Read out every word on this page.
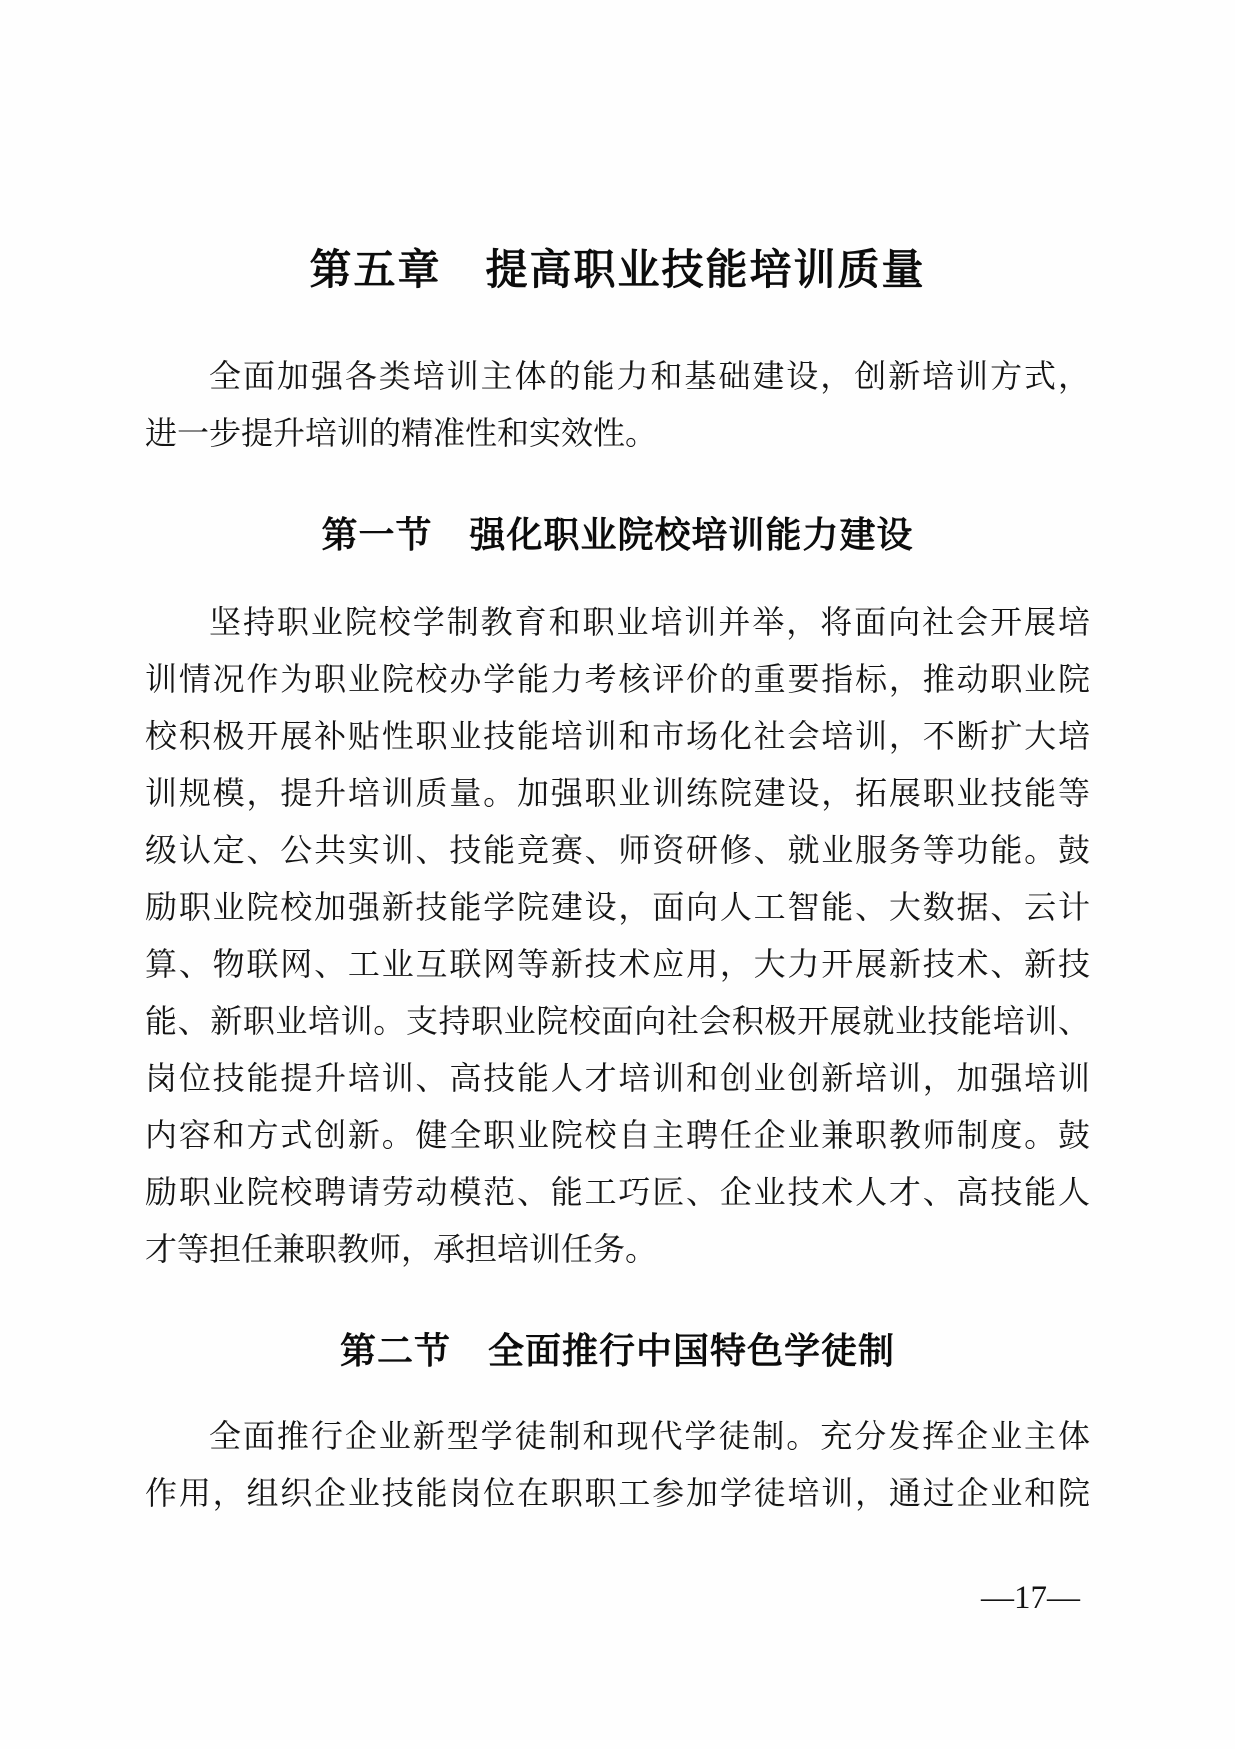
第五章　提高职业技能培训质量
全面加强各类培训主体的能力和基础建设，创新培训方式，
进一步提升培训的精准性和实效性。
第一节　强化职业院校培训能力建设
坚持职业院校学制教育和职业培训并举，将面向社会开展培
训情况作为职业院校办学能力考核评价的重要指标，推动职业院
校积极开展补贴性职业技能培训和市场化社会培训，不断扩大培
训规模，提升培训质量。加强职业训练院建设，拓展职业技能等
级认定、公共实训、技能竞赛、师资研修、就业服务等功能。鼓
励职业院校加强新技能学院建设，面向人工智能、大数据、云计
算、物联网、工业互联网等新技术应用，大力开展新技术、新技
能、新职业培训。支持职业院校面向社会积极开展就业技能培训、
岗位技能提升培训、高技能人才培训和创业创新培训，加强培训
内容和方式创新。健全职业院校自主聘任企业兼职教师制度。鼓
励职业院校聘请劳动模范、能工巧匠、企业技术人才、高技能人
才等担任兼职教师，承担培训任务。
第二节　全面推行中国特色学徒制
全面推行企业新型学徒制和现代学徒制。充分发挥企业主体
作用，组织企业技能岗位在职职工参加学徒培训，通过企业和院
—17—
